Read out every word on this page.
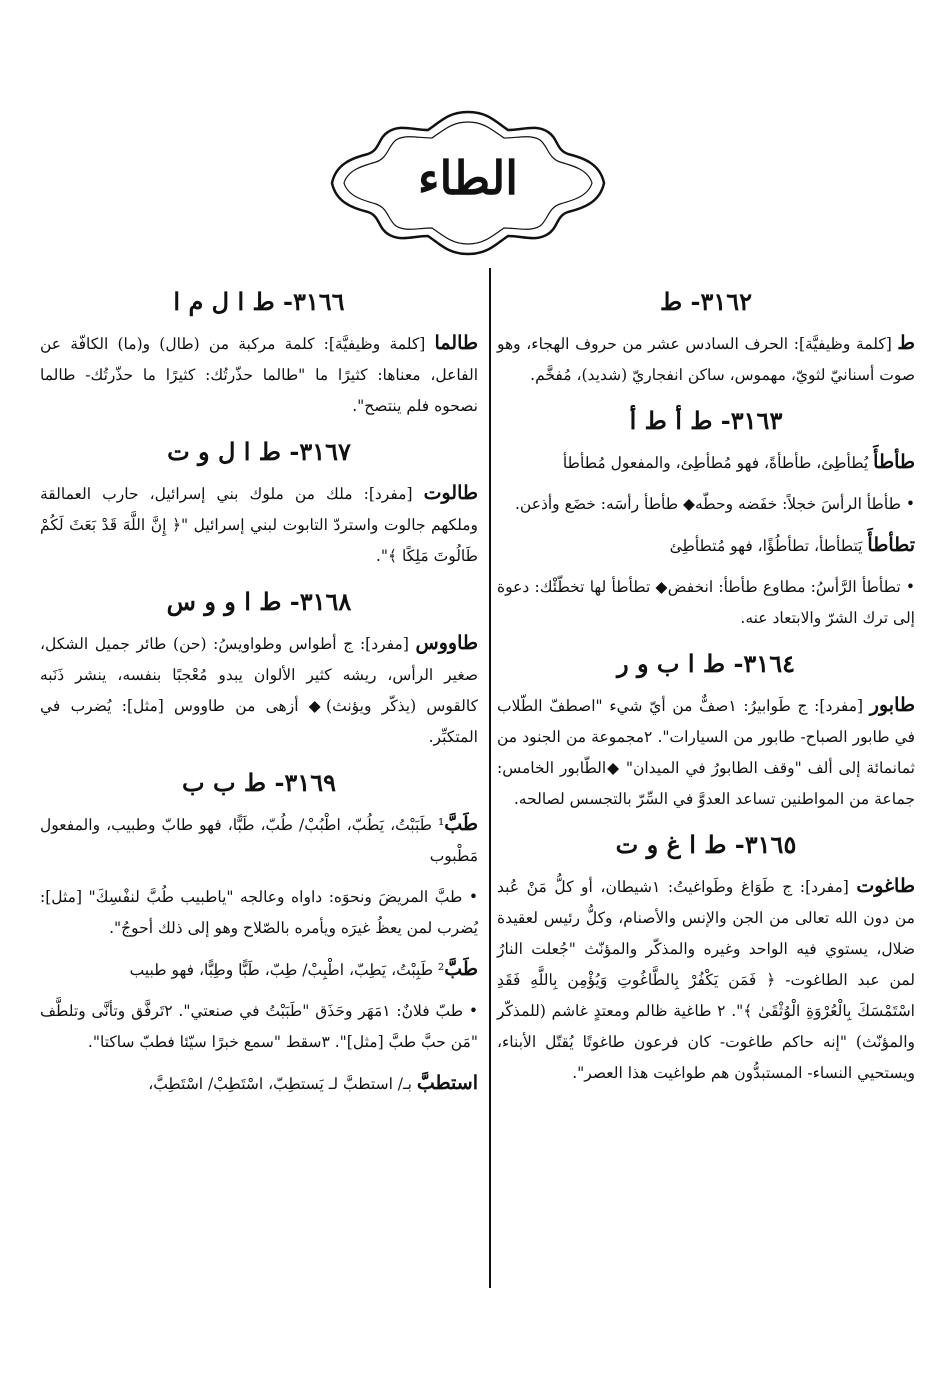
الطاء
٣١٦٢- ط
ط [كلمة وظيفيَّة]: الحرف السادس عشر من حروف الهجاء، وهو صوت أسنانيّ لثويّ، مهموس، ساكن انفجاريّ (شديد)، مُفخَّم.
٣١٦٣- ط أ ط أ
طأطأَ يُطأطِئ، طأطأةً، فهو مُطأطِئ، والمفعول مُطأطأ
• طأطأ الرأسَ خجلاً: خفَضه وحطّه◆ طأطأ رأسَه: خضَع وأذعن.
تطأطأَ يَتطأطأ، تطأطُؤًا، فهو مُتطأطِئ
• تطأطأ الرَّأسُ: مطاوع طأطأ: انخفض◆ تطأطأ لها تخطّئْك: دعوة إلى ترك الشرّ والابتعاد عنه.
٣١٦٤- ط ا ب و ر
طابور [مفرد]: ج طَوابيرُ: ١صفٌّ من أيّ شيء "اصطفّ الطّلاب في طابور الصباح- طابور من السيارات". ٢مجموعة من الجنود من ثمانمائة إلى ألف "وقف الطابورُ في الميدان" ◆الطّابور الخامس: جماعة من المواطنين تساعد العدوَّ في السِّرّ بالتجسس لصالحه.
٣١٦٥- ط ا غ و ت
طاغوت [مفرد]: ج طَوَاغ وطَواغيتُ: ١شيطان، أو كلُّ مَنْ عُبد من دون الله تعالى من الجن والإنس والأصنام، وكلُّ رئيس لعقيدة ضلال، يستوي فيه الواحد وغيره والمذكّر والمؤنّث "جُعلت النارُ لمن عبد الطاغوت- ﴿ فَمَن يَكْفُرْ بِالطَّاغُوتِ وَيُؤْمِن بِاللَّهِ فَقَدِ اسْتَمْسَكَ بِالْعُرْوَةِ الْوُثْقَىٰ ﴾". ٢ طاغية ظالم ومعتدٍ غاشم (للمذكّر والمؤنّث) "إنه حاكم طاغوت- كان فرعون طاغوتًا يُقتّل الأبناء، ويستحيي النساء- المستبدُّون هم طواغيت هذا العصر".
٣١٦٦- ط ا ل م ا
طالما [كلمة وظيفيَّة]: كلمة مركبة من (طال) و(ما) الكافّة عن الفاعل، معناها: كثيرًا ما "طالما حذّرتُك: كثيرًا ما حذّرتُك- طالما نصحوه فلم ينتصح".
٣١٦٧- ط ا ل و ت
طالوت [مفرد]: ملك من ملوك بني إسرائيل، حارب العمالقة وملكهم جالوت واستردّ التابوت لبني إسرائيل "﴿ إِنَّ اللَّهَ قَدْ بَعَثَ لَكُمْ طَالُوتَ مَلِكًا ﴾".
٣١٦٨- ط ا و و س
طاووس [مفرد]: ج أطواس وطواويسُ: (حن) طائر جميل الشكل، صغير الرأس، ريشه كثير الألوان يبدو مُعْجبًا بنفسه، ينشر ذَنَبه كالقوس (يذكّر ويؤنث)◆ أزهى من طاووس [مثل]: يُضرب في المتكبِّر.
٣١٦٩- ط ب ب
طَبَّ¹ طَبَبْتُ، يَطُبّ، اطْبُبْ/ طُبّ، طَبًّا، فهو طابّ وطبيب، والمفعول مَطْبوب
• طبَّ المريضَ ونحوَه: داواه وعالجه "ياطبيب طُبَّ لنفْسِكَ" [مثل]: يُضرب لمن يعظُ غيرَه ويأمره بالصّلاح وهو إلى ذلك أحوجُ".
طَبَّ² طَبِبْتُ، يَطِبّ، اطْبِبْ/ طِبّ، طَبًّا وطِبًّا، فهو طبيب
• طبّ فلانٌ: ١مَهَر وحَذَق "طَبَبْتُ في صنعتي". ٢تَرفَّق وتأنَّى وتلطَّف "مَن حبَّ طبَّ [مثل]". ٣سقط "سمع خبرًا سيّئا فطبّ ساكتا".
استطبَّ بـ/ استطبَّ لـ يَستطِبّ، اسْتَطِبْ/ اسْتَطِبَّ،
